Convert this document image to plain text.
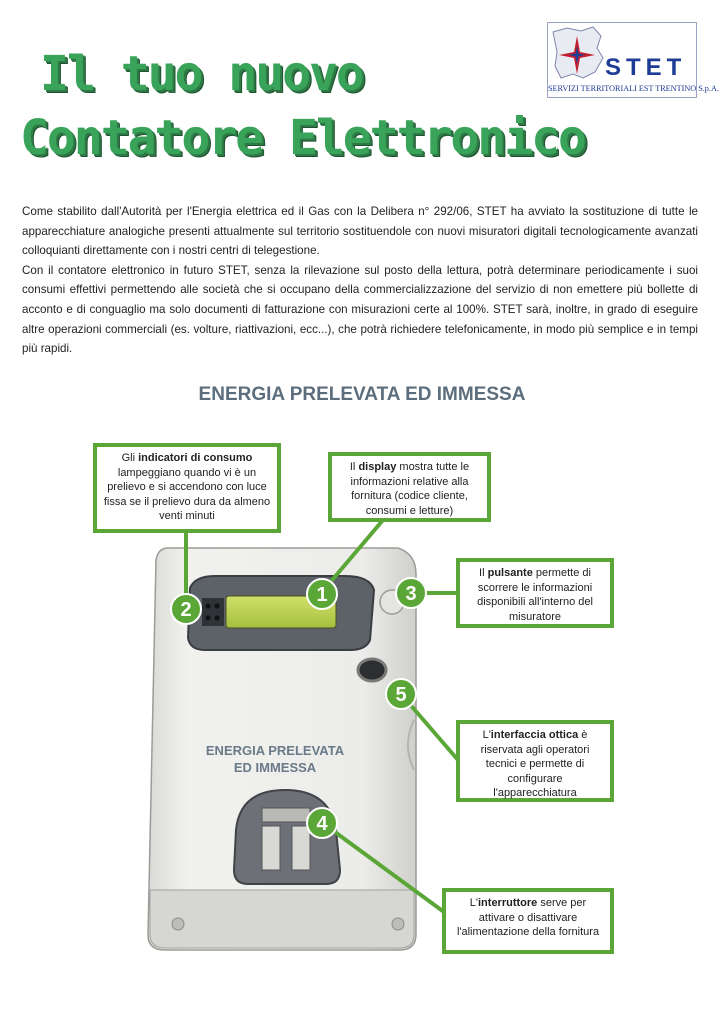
Il tuo nuovo
Contatore Elettronico
STET
SERVIZI TERRITORIALI EST TRENTINO S.p.A.

Come stabilito dall'Autorità per l'Energia elettrica ed il Gas con la Delibera n° 292/06, STET ha avviato la sostituzione di tutte le apparecchiature analogiche presenti attualmente sul territorio sostituendole con nuovi misuratori digitali tecnologicamente avanzati colloquianti direttamente con i nostri centri di telegestione.

Con il contatore elettronico in futuro STET, senza la rilevazione sul posto della lettura, potrà determinare periodicamente i suoi consumi effettivi permettendo alle società che si occupano della commercializzazione del servizio di non emettere più bollette di acconto e di conguaglio ma solo documenti di fatturazione con misurazioni certe al 100%. STET sarà, inoltre, in grado di eseguire altre operazioni commerciali (es. volture, riattivazioni, ecc...), che potrà richiedere telefonicamente, in modo più semplice e in tempi più rapidi.

ENERGIA PRELEVATA ED IMMESSA
2
1	3
5
4
ENERGIA PRELEVATA
ED IMMESSA
Gli indicatori di consumo lampeggiano quando vi è un prelievo e si accendono con luce fissa se il prelievo dura da almeno venti minuti
Il display mostra tutte le informazioni relative alla fornitura (codice cliente, consumi e letture)
Il pulsante permette di scorrere le informazioni disponibili all'interno del misuratore
L'interfaccia ottica è riservata agli operatori tecnici e permette di configurare l'apparecchiatura
L'interruttore serve per attivare o disattivare l'alimentazione della fornitura
